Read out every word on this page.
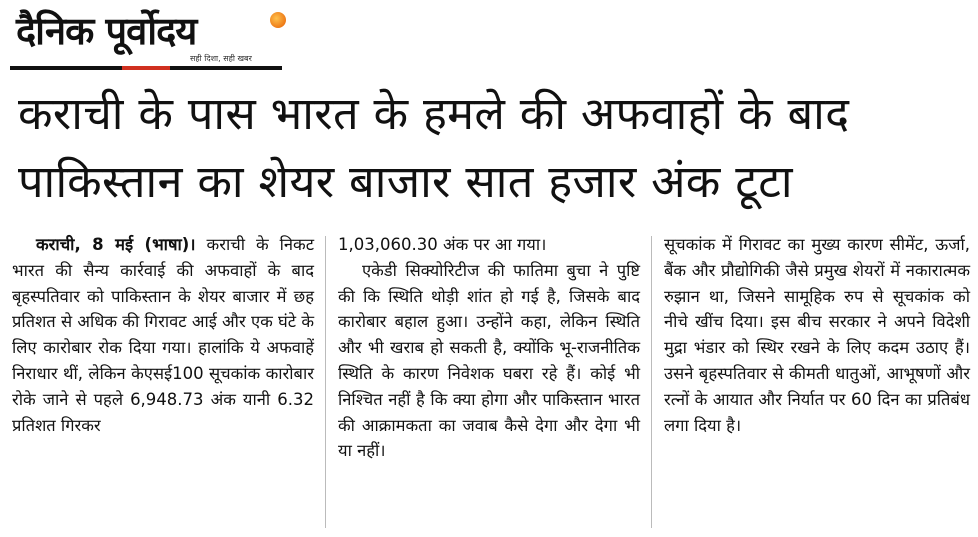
दैनिक पूर्वोदय
सही दिशा, सही खबर
कराची के पास भारत के हमले की अफवाहों के बाद
पाकिस्तान का शेयर बाजार सात हजार अंक टूटा

कराची, 8 मई (भाषा)। कराची के निकट भारत की सैन्य कार्रवाई की अफवाहों के बाद बृहस्पतिवार को पाकिस्तान के शेयर बाजार में छह प्रतिशत से अधिक की गिरावट आई और एक घंटे के लिए कारोबार रोक दिया गया। हालांकि ये अफवाहें निराधार थीं, लेकिन केएसई100 सूचकांक कारोबार रोके जाने से पहले 6,948.73 अंक यानी 6.32 प्रतिशत गिरकर

1,03,060.30 अंक पर आ गया।

एकेडी सिक्योरिटीज की फातिमा बुचा ने पुष्टि की कि स्थिति थोड़ी शांत हो गई है, जिसके बाद कारोबार बहाल हुआ। उन्होंने कहा, लेकिन स्थिति और भी खराब हो सकती है, क्योंकि भू-राजनीतिक स्थिति के कारण निवेशक घबरा रहे हैं। कोई भी निश्चित नहीं है कि क्या होगा और पाकिस्तान भारत की आक्रामकता का जवाब कैसे देगा और देगा भी या नहीं।

सूचकांक में गिरावट का मुख्य कारण सीमेंट, ऊर्जा, बैंक और प्रौद्योगिकी जैसे प्रमुख शेयरों में नकारात्मक रुझान था, जिसने सामूहिक रुप से सूचकांक को नीचे खींच दिया। इस बीच सरकार ने अपने विदेशी मुद्रा भंडार को स्थिर रखने के लिए कदम उठाए हैं। उसने बृहस्पतिवार से कीमती धातुओं, आभूषणों और रत्नों के आयात और निर्यात पर 60 दिन का प्रतिबंध लगा दिया है।
